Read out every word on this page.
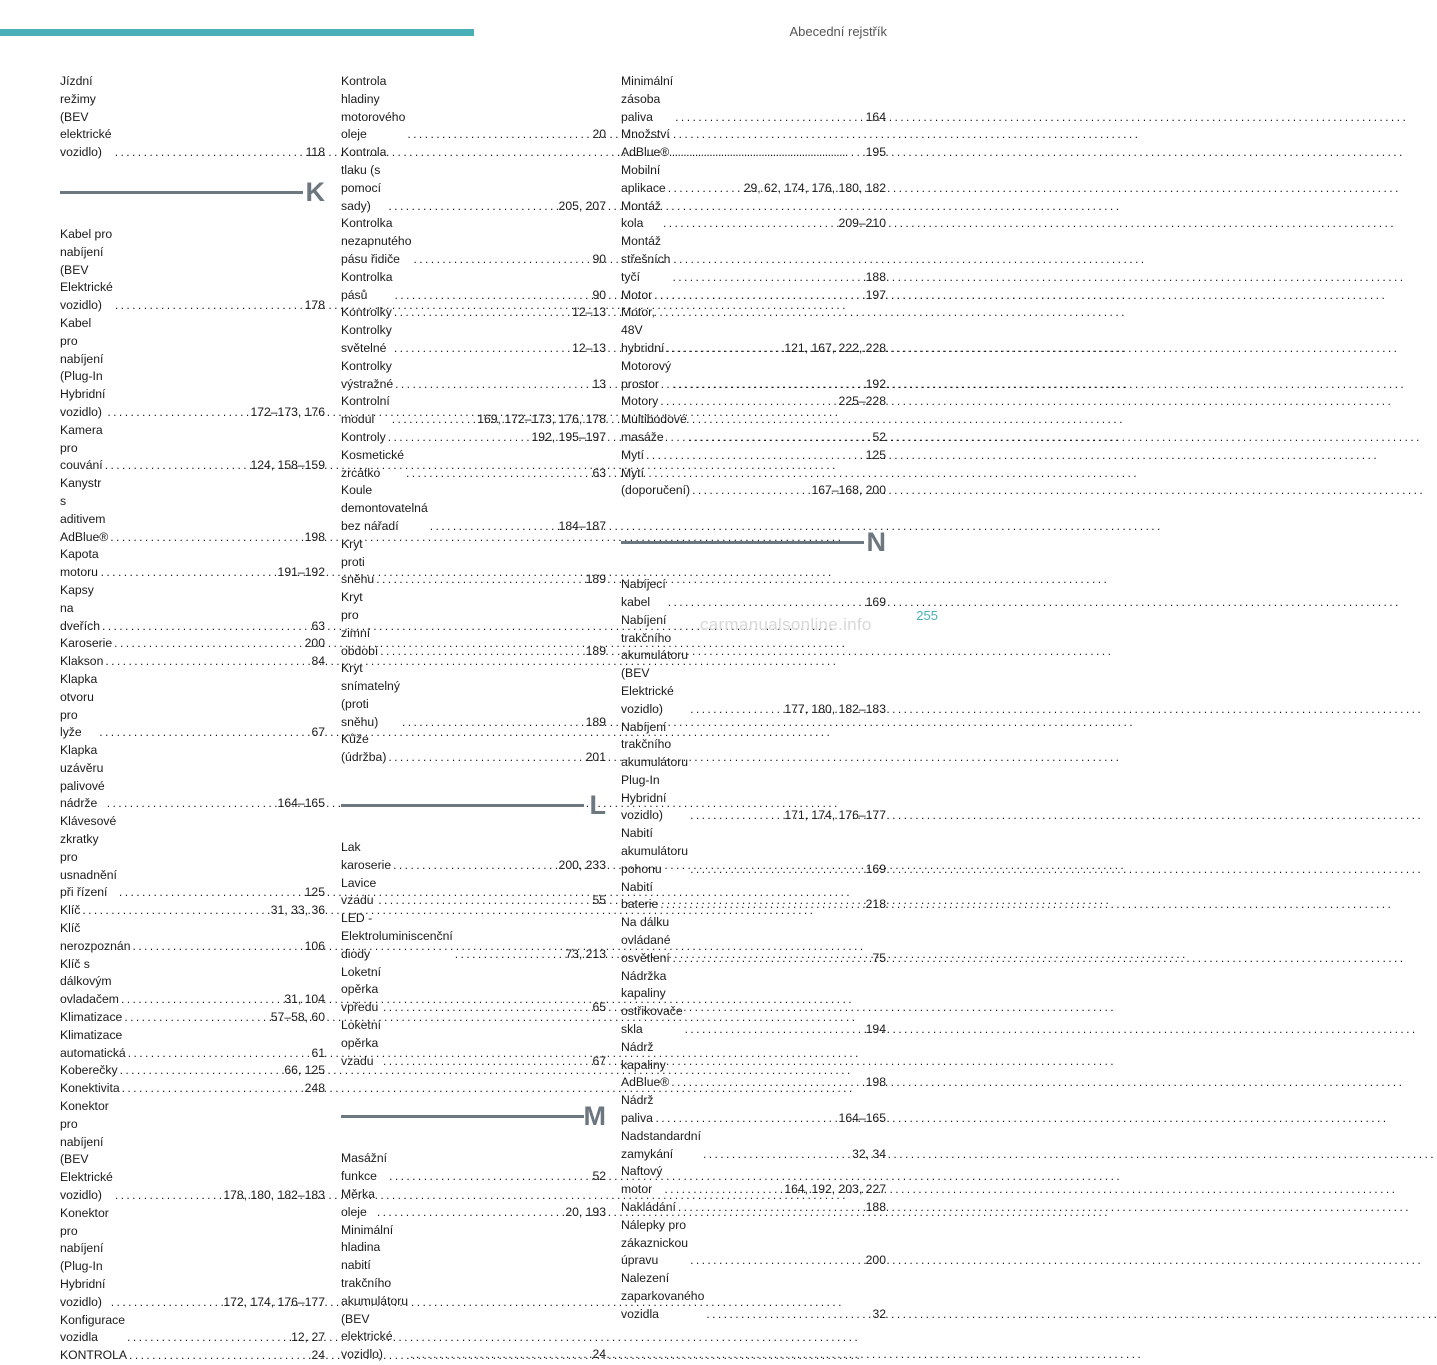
Abecední rejstřík
Jízdní režimy (BEV elektrické vozidlo) . . .	118
K
Kabel pro nabíjení
(BEV Elektrické vozidlo) . . .	178
Kabel pro nabíjení
(Plug-In Hybridní vozidlo) . . .	172–173, 176
Kamera pro couvání . . .	124, 158–159
Kanystr s aditivem AdBlue® . . .	198
Kapota motoru . . .	191–192
Kapsy na dveřích . . .	63
Karoserie . . .	200
Klakson . . .	84
Klapka otvoru pro lyže . . .	67
Klapka uzávěru palivové nádrže . . .	164–165
Klávesové zkratky pro usnadnění
při řízení . . .	125
Klíč . . .	31, 33, 36
Klíč nerozpoznán . . .	106
Klíč s dálkovým ovladačem . . .	31, 104
Klimatizace . . .	57–58, 60
Klimatizace automatická . . .	61
Koberečky . . .	66, 125
Konektivita . . .	248
Konektor pro nabíjení
(BEV Elektrické vozidlo) . . .	178, 180, 182–183
Konektor pro nabíjení
(Plug-In Hybridní vozidlo) . . .	172, 174, 176–177
Konfigurace vozidla . . .	12, 27
KONTROLA . . .	24
Kontrola hladiny motorového oleje . . .	20
Kontrola tlaku (s pomocí sady) . . .	205, 207
Kontrolka nezapnutého pásu řidiče . . .	90
Kontrolka pásů . . .	90
Kontrolky . . .	12–13
Kontrolky světelné . . .	12–13
Kontrolky výstražné . . .	13
Kontrolní modul . . .	169, 172–173, 176, 178
Kontroly . . .	192, 195–197
Kosmetické zrcátko . . .	63
Koule demontovatelná bez nářadí . . .	184–187
Kryt proti sněhu . . .	189
Kryt pro zimní období . . .	189
Kryt snímatelný (proti sněhu) . . .	189
Kůže (údržba) . . .	201
L
Lak karoserie . . .	200, 233
Lavice vzadu . . .	55
LED - Elektroluminiscenční diody . . .	73, 213
Loketní opěrka vpředu . . .	65
Loketní opěrka vzadu . . .	67
M
Masážní funkce . . .	52
Měrka oleje . . .	20, 193
Minimální hladina nabití trakčního
akumulátoru (BEV elektrické vozidlo) . . .	24
Minimální zásoba paliva . . .	164
Množství AdBlue® . . .	195
Mobilní aplikace . . .	29, 62, 174, 176, 180, 182
Montáž kola . . .	209–210
Montáž střešních tyčí . . .	188
Motor . . .	197
Motor, 48V hybridní . . .	121, 167, 222, 228
Motorový prostor . . .	192
Motory . . .	225–228
Multibodové masáže . . .	52
Mytí . . .	125
Mytí (doporučení) . . .	167–168, 200
N
Nabíjecí kabel . . .	169
Nabíjení trakčního akumulátoru
(BEV Elektrické vozidlo) . . .	177, 180, 182–183
Nabíjení trakčního akumulátoru Plug-In
Hybridní vozidlo) . . .	171, 174, 176–177
Nabití akumulátoru pohonu . . .	169
Nabití baterie . . .	218
Na dálku ovládané osvětlení . . .	75
Nádržka kapaliny ostřikovače skla . . .	194
Nádrž kapaliny AdBlue® . . .	198
Nádrž paliva . . .	164–165
Nadstandardní zamykání . . .	32, 34
Naftový motor . . .	164, 192, 203, 227
Nakládání . . .	188
Nálepky pro zákaznickou úpravu . . .	200
Nalezení zaparkovaného vozidla . . .	32
255
carmanualsonline.info
